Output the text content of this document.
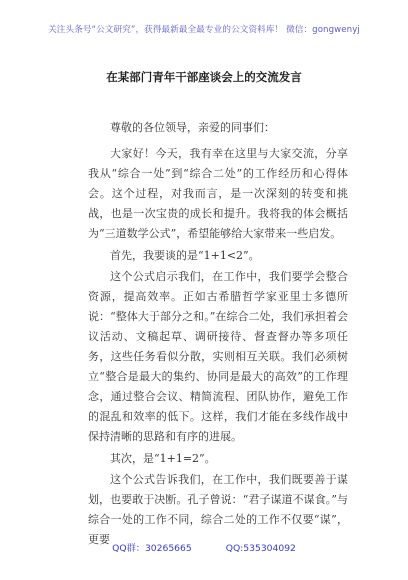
关注头条号“公文研究”，获得最新最全最专业的公文资料库！ 微信：gongwenyj
在某部门青年干部座谈会上的交流发言

尊敬的各位领导，亲爱的同事们：

大家好！今天，我有幸在这里与大家交流，分享我从“综合一处”到“综合二处”的工作经历和心得体会。这个过程，对我而言，是一次深刻的转变和挑战，也是一次宝贵的成长和提升。我将我的体会概括为“三道数学公式”，希望能够给大家带来一些启发。

首先，我要谈的是“1+1<2”。

这个公式启示我们，在工作中，我们要学会整合资源，提高效率。正如古希腊哲学家亚里士多德所说：“整体大于部分之和。”在综合二处，我们承担着会议活动、文稿起草、调研接待、督查督办等多项任务，这些任务看似分散，实则相互关联。我们必须树立“整合是最大的集约、协同是最大的高效”的工作理念，通过整合会议、精简流程、团队协作，避免工作的混乱和效率的低下。这样，我们才能在多线作战中保持清晰的思路和有序的进展。

其次，是“1+1=2”。

这个公式告诉我们，在工作中，我们既要善于谋划，也要敢于决断。孔子曾说：“君子谋道不谋食。”与综合一处的工作不同，综合二处的工作不仅要“谋”，更要

QQ群：30265665	QQ:535304092
